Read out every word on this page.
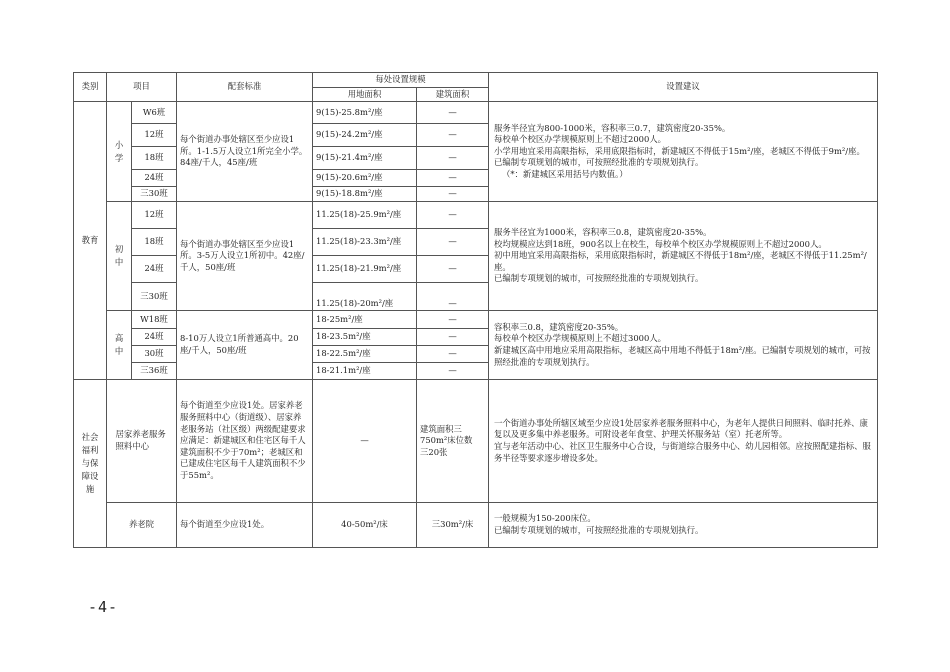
类别	项目		配套标准	每处设置规模		设置建议
				用地面积	建筑面积	
教育	小学	W6班	每个街道办事处辖区至少应设1所。1-1.5万人设立1所完全小学。84座/千人，45座/班	9(15)-25.8m²/座	—	服务半径宜为800-1000米，容积率三0.7，建筑密度20-35%。
每校单个校区办学规模原则上不超过2000人。
小学用地宜采用高限指标，采用底限指标时，新建城区不得低于15m²/座，老城区不得低于9m²/座。
已编制专项规划的城市，可按照经批准的专项规划执行。
（*：新建城区采用括号内数值。）

		12班		9(15)-24.2m²/座	—	
		18班		9(15)-21.4m²/座	—	
		24班		9(15)-20.6m²/座	—	
		三30班		9(15)-18.8m²/座	—	
	初中	12班	每个街道办事处辖区至少应设1所。3-5万人设立1所初中。42座/千人，50座/班	11.25(18)-25.9m²/座	—	服务半径宜为1000米，容积率三0.8，建筑密度20-35%。
校均规模应达到18班，900名以上在校生，每校单个校区办学规模原则上不超过2000人。
初中用地宜采用高限指标，采用底限指标时，新建城区不得低于18m²/座，老城区不得低于11.25m²/座。
已编制专项规划的城市，可按照经批准的专项规划执行。

		18班		11.25(18)-23.3m²/座	—	
		24班		11.25(18)-21.9m²/座	—	
		三30班		11.25(18)-20m²/座	—	
	高中	W18班	8-10万人设立1所普通高中。20座/千人，50座/班	18-25m²/座	—	容积率三0.8，建筑密度20-35%。
每校单个校区办学规模原则上不超过3000人。
新建城区高中用地应采用高限指标，老城区高中用地不得低于18m²/座。已编制专项规划的城市，可按照经批准的专项规划执行。

		24班		18-23.5m²/座	—	
		30班		18-22.5m²/座	—	
		三36班		18-21.1m²/座	—	
社会福利与保障设施	居家养老服务照料中心		每个街道至少应设1处。居家养老服务照料中心（街道级）、居家养老服务站（社区级）两级配建要求应满足：新建城区和住宅区每千人建筑面积不少于70m²；老城区和已建成住宅区每千人建筑面积不少于55m²。	—	建筑面积三750m²床位数三20张	一个街道办事处所辖区域至少应设1处居家养老服务照料中心，为老年人提供日间照料、临时托养、康复以及更多集中养老服务。可附设老年食堂、护理关怀服务站（室）托老所等。
宜与老年活动中心、社区卫生服务中心合设，与街道综合服务中心、幼儿园相邻。应按照配建指标、服务半径等要求逐步增设多处。

	养老院		每个街道至少应设1处。	40-50m²/床	三30m²/床	一般规模为150-200床位。
已编制专项规划的城市，可按照经批准的专项规划执行。
-4-
